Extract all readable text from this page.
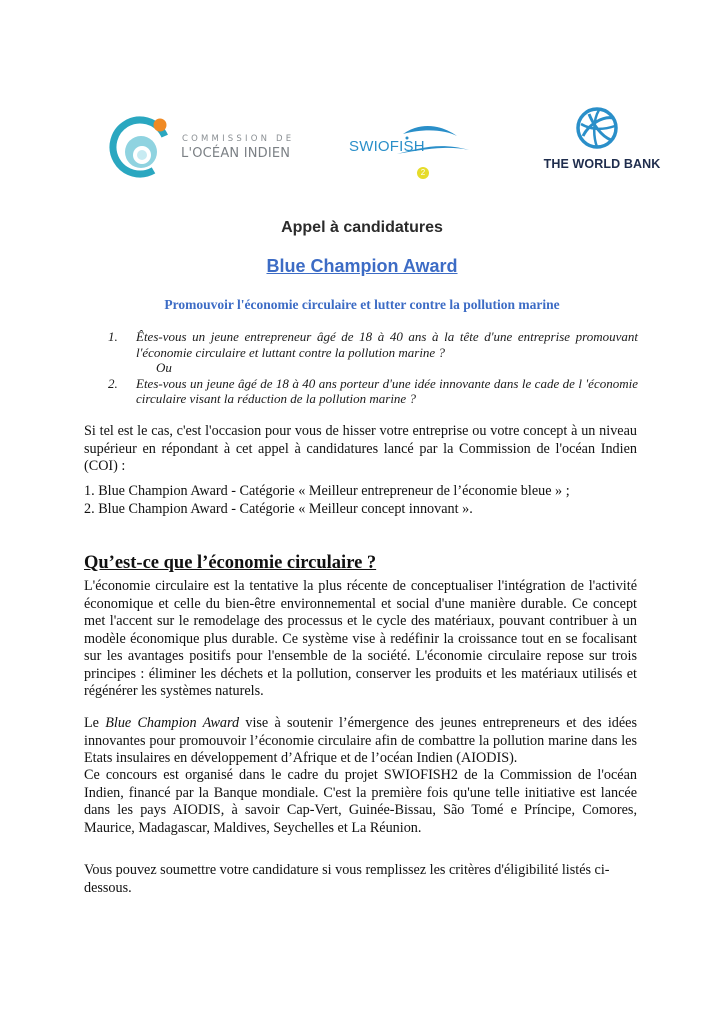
COMMISSION DE
L'OCÉAN INDIEN	SWIOFISH
2
THE WORLD BANK
Appel à candidatures
Blue Champion Award
Promouvoir l'économie circulaire et lutter contre la pollution marine
1. Êtes-vous un jeune entrepreneur âgé de 18 à 40 ans à la tête d'une entreprise promouvant l'économie circulaire et luttant contre la pollution marine ?
Ou
2. Etes-vous un jeune âgé de 18 à 40 ans porteur d'une idée innovante dans le cade de l 'économie circulaire visant la réduction de la pollution marine ?
Si tel est le cas, c'est l'occasion pour vous de hisser votre entreprise ou votre concept à un niveau supérieur en répondant à cet appel à candidatures lancé par la Commission de l'océan Indien (COI) :
1. Blue Champion Award - Catégorie « Meilleur entrepreneur de l’économie bleue » ;
2. Blue Champion Award - Catégorie « Meilleur concept innovant ».
Qu’est-ce que l’économie circulaire ?
L'économie circulaire est la tentative la plus récente de conceptualiser l'intégration de l'activité économique et celle du bien-être environnemental et social d'une manière durable. Ce concept met l'accent sur le remodelage des processus et le cycle des matériaux, pouvant contribuer à un modèle économique plus durable. Ce système vise à redéfinir la croissance tout en se focalisant sur les avantages positifs pour l'ensemble de la société. L'économie circulaire repose sur trois principes : éliminer les déchets et la pollution, conserver les produits et les matériaux utilisés et régénérer les systèmes naturels.
Le Blue Champion Award vise à soutenir l’émergence des jeunes entrepreneurs et des idées innovantes pour promouvoir l’économie circulaire afin de combattre la pollution marine dans les Etats insulaires en développement d’Afrique et de l’océan Indien (AIODIS).
Ce concours est organisé dans le cadre du projet SWIOFISH2 de la Commission de l'océan Indien, financé par la Banque mondiale. C'est la première fois qu'une telle initiative est lancée dans les pays AIODIS, à savoir Cap-Vert, Guinée-Bissau, São Tomé e Príncipe, Comores, Maurice, Madagascar, Maldives, Seychelles et La Réunion.
Vous pouvez soumettre votre candidature si vous remplissez les critères d'éligibilité listés ci-dessous.
